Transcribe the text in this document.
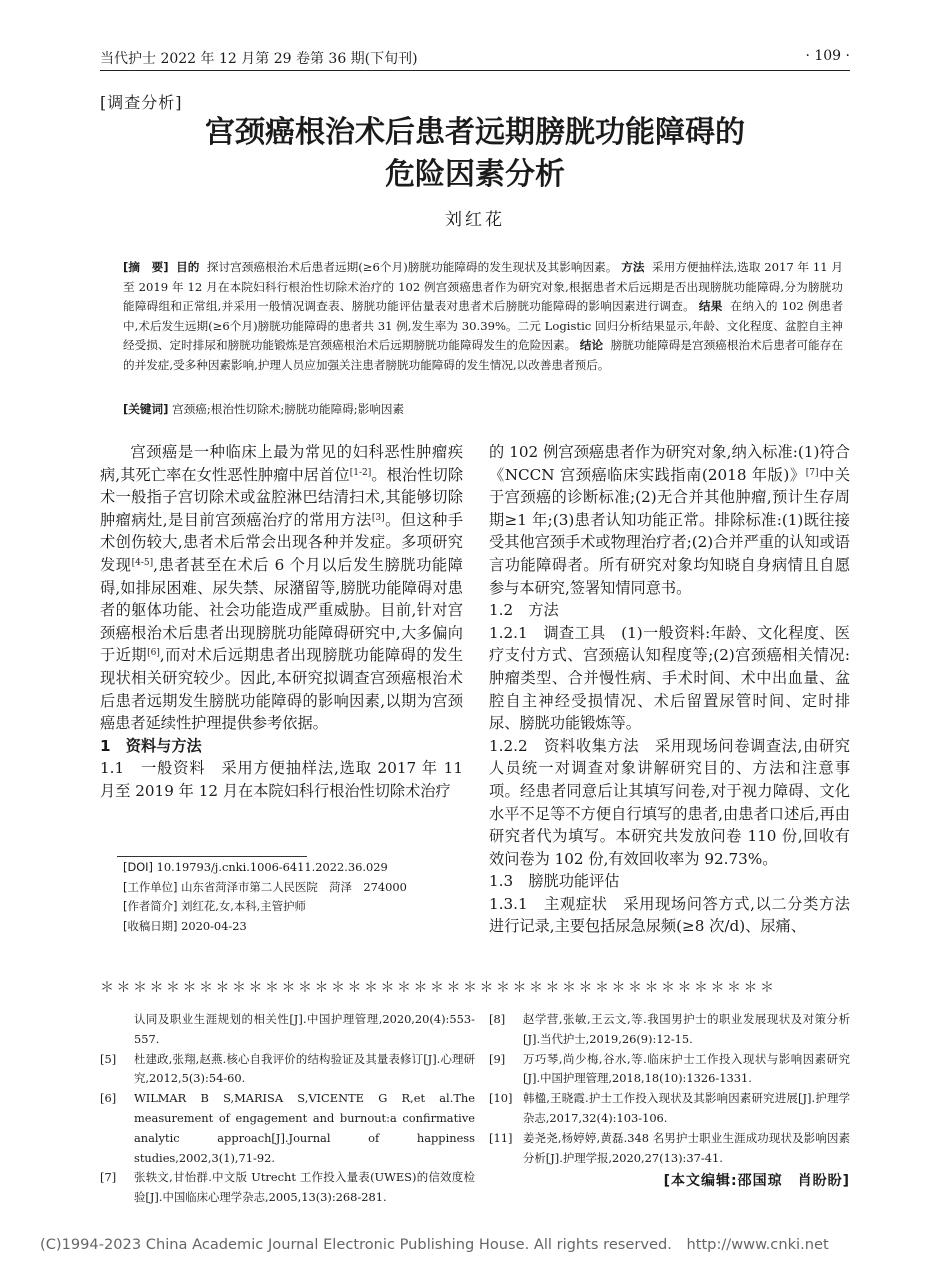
当代护士 2022 年 12 月第 29 卷第 36 期(下旬刊)	· 109 ·
[调查分析]
宫颈癌根治术后患者远期膀胱功能障碍的
危险因素分析
刘红花
[摘　要] 目的 探讨宫颈癌根治术后患者远期(≥6个月)膀胱功能障碍的发生现状及其影响因素。 方法 采用方便抽样法,选取 2017 年 11 月至 2019 年 12 月在本院妇科行根治性切除术治疗的 102 例宫颈癌患者作为研究对象,根据患者术后远期是否出现膀胱功能障碍,分为膀胱功能障碍组和正常组,并采用一般情况调查表、膀胱功能评估量表对患者术后膀胱功能障碍的影响因素进行调查。 结果 在纳入的 102 例患者中,术后发生远期(≥6个月)膀胱功能障碍的患者共 31 例,发生率为 30.39%。二元 Logistic 回归分析结果显示,年龄、文化程度、盆腔自主神经受损、定时排尿和膀胱功能锻炼是宫颈癌根治术后远期膀胱功能障碍发生的危险因素。 结论 膀胱功能障碍是宫颈癌根治术后患者可能存在的并发症,受多种因素影响,护理人员应加强关注患者膀胱功能障碍的发生情况,以改善患者预后。
[关键词] 宫颈癌;根治性切除术;膀胱功能障碍;影响因素

宫颈癌是一种临床上最为常见的妇科恶性肿瘤疾病,其死亡率在女性恶性肿瘤中居首位[1-2]。根治性切除术一般指子宫切除术或盆腔淋巴结清扫术,其能够切除肿瘤病灶,是目前宫颈癌治疗的常用方法[3]。但这种手术创伤较大,患者术后常会出现各种并发症。多项研究发现[4-5],患者甚至在术后 6 个月以后发生膀胱功能障碍,如排尿困难、尿失禁、尿潴留等,膀胱功能障碍对患者的躯体功能、社会功能造成严重威胁。目前,针对宫颈癌根治术后患者出现膀胱功能障碍研究中,大多偏向于近期[6],而对术后远期患者出现膀胱功能障碍的发生现状相关研究较少。因此,本研究拟调查宫颈癌根治术后患者远期发生膀胱功能障碍的影响因素,以期为宫颈癌患者延续性护理提供参考依据。

1　资料与方法

1.1　一般资料　 采用方便抽样法,选取 2017 年 11 月至 2019 年 12 月在本院妇科行根治性切除术治疗

的 102 例宫颈癌患者作为研究对象,纳入标准:(1)符合《NCCN 宫颈癌临床实践指南(2018 年版)》[7]中关于宫颈癌的诊断标准;(2)无合并其他肿瘤,预计生存周期≥1 年;(3)患者认知功能正常。排除标准:(1)既往接受其他宫颈手术或物理治疗者;(2)合并严重的认知或语言功能障碍者。所有研究对象均知晓自身病情且自愿参与本研究,签署知情同意书。

1.2　方法

1.2.1　调查工具　 (1)一般资料:年龄、文化程度、医疗支付方式、宫颈癌认知程度等;(2)宫颈癌相关情况:肿瘤类型、合并慢性病、手术时间、术中出血量、盆腔自主神经受损情况、术后留置尿管时间、定时排尿、膀胱功能锻炼等。

1.2.2　资料收集方法　 采用现场问卷调查法,由研究人员统一对调查对象讲解研究目的、方法和注意事项。经患者同意后让其填写问卷,对于视力障碍、文化水平不足等不方便自行填写的患者,由患者口述后,再由研究者代为填写。本研究共发放问卷 110 份,回收有效问卷为 102 份,有效回收率为 92.73%。

1.3　膀胱功能评估

1.3.1　主观症状　 采用现场问答方式,以二分类方法进行记录,主要包括尿急尿频(≥8 次/d)、尿痛、

[DOI] 10.19793/j.cnki.1006-6411.2022.36.029
[工作单位] 山东省菏泽市第二人民医院　菏泽　274000
[作者简介] 刘红花,女,本科,主管护师
[收稿日期] 2020-04-23
＊＊＊＊＊＊＊＊＊＊＊＊＊＊＊＊＊＊＊＊＊＊＊＊＊＊＊＊＊＊＊＊＊＊＊＊＊＊＊＊＊
认同及职业生涯规划的相关性[J].中国护理管理,2020,20(4):553-557.
[5]	杜建政,张翔,赵燕.核心自我评价的结构验证及其量表修订[J].心理研究,2012,5(3):54-60.
[6]	WILMAR B S,MARISA S,VICENTE G R,et al.The measurement of engagement and burnout:a confirmative analytic approach[J].Journal of happiness studies,2002,3(1),71-92.
[7]	张轶文,甘怡群.中文版 Utrecht 工作投入量表(UWES)的信效度检验[J].中国临床心理学杂志,2005,13(3):268-281.
[8]	赵学营,张敏,王云文,等.我国男护士的职业发展现状及对策分析[J].当代护士,2019,26(9):12-15.
[9]	万巧琴,尚少梅,谷水,等.临床护士工作投入现状与影响因素研究[J].中国护理管理,2018,18(10):1326-1331.
[10] 韩楹,王晓霞.护士工作投入现状及其影响因素研究进展[J].护理学杂志,2017,32(4):103-106.
[11] 姜尧尧,杨婷婷,黄磊.348 名男护士职业生涯成功现状及影响因素分析[J].护理学报,2020,27(13):37-41.
[本文编辑:邵国琼　肖盼盼]
(C)1994-2023 China Academic Journal Electronic Publishing House. All rights reserved.　http://www.cnki.net
